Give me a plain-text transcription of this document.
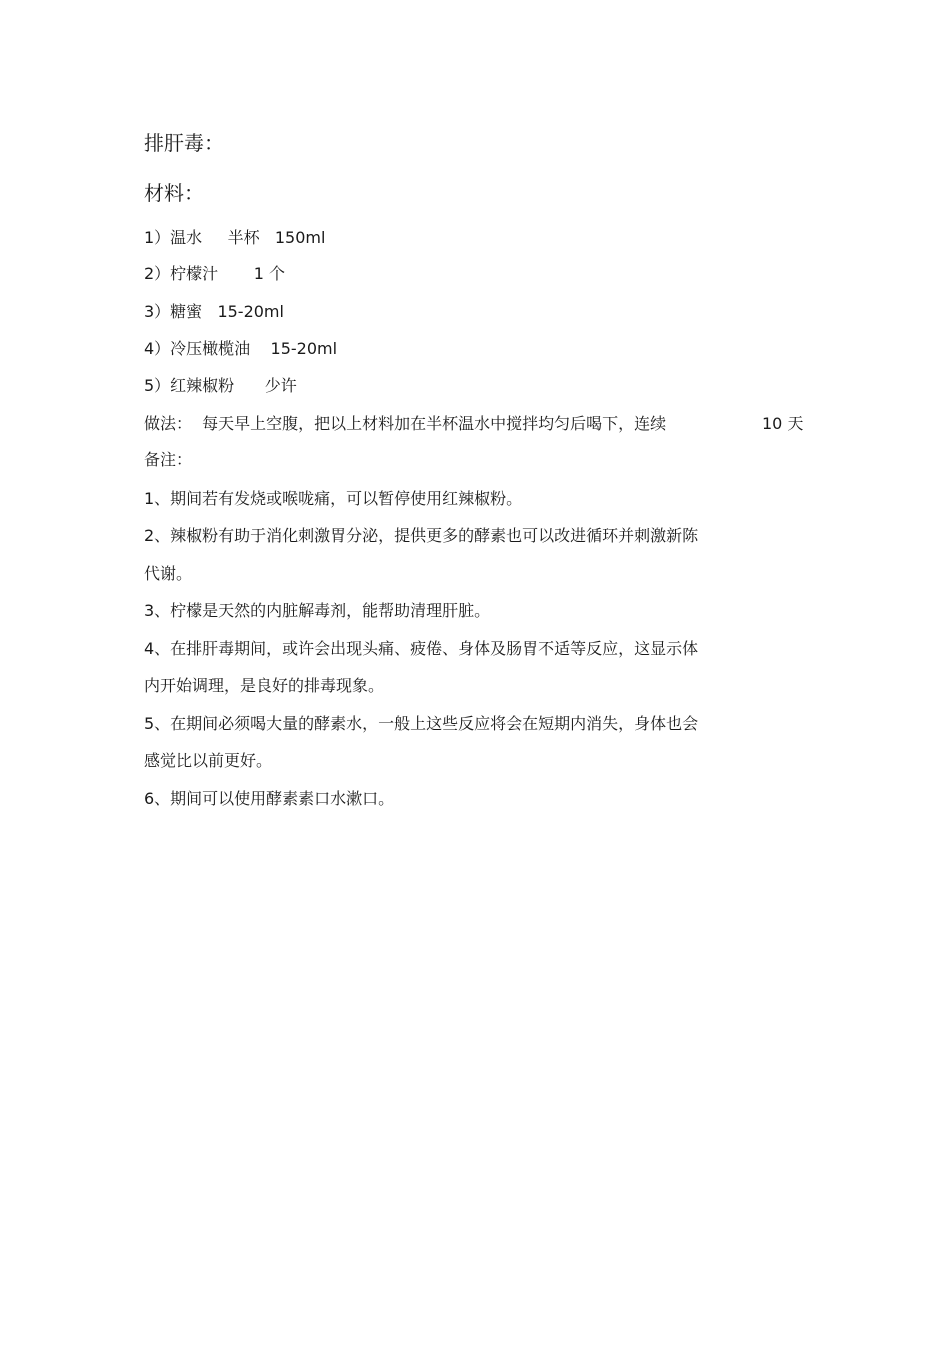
排肝毒：
材料：
1）温水     半杯   150ml
2）柠檬汁       1 个
3）糖蜜   15-20ml
4）冷压橄榄油    15-20ml
5）红辣椒粉      少许
做法：  每天早上空腹，把以上材料加在半杯温水中搅拌均匀后喝下，连续	10 天
备注：
1、期间若有发烧或喉咙痛，可以暂停使用红辣椒粉。
2、辣椒粉有助于消化刺激胃分泌，提供更多的酵素也可以改进循环并刺激新陈
代谢。
3、柠檬是天然的内脏解毒剂，能帮助清理肝脏。
4、在排肝毒期间，或许会出现头痛、疲倦、身体及肠胃不适等反应，这显示体
内开始调理，是良好的排毒现象。
5、在期间必须喝大量的酵素水，一般上这些反应将会在短期内消失，身体也会
感觉比以前更好。
6、期间可以使用酵素素口水漱口。
